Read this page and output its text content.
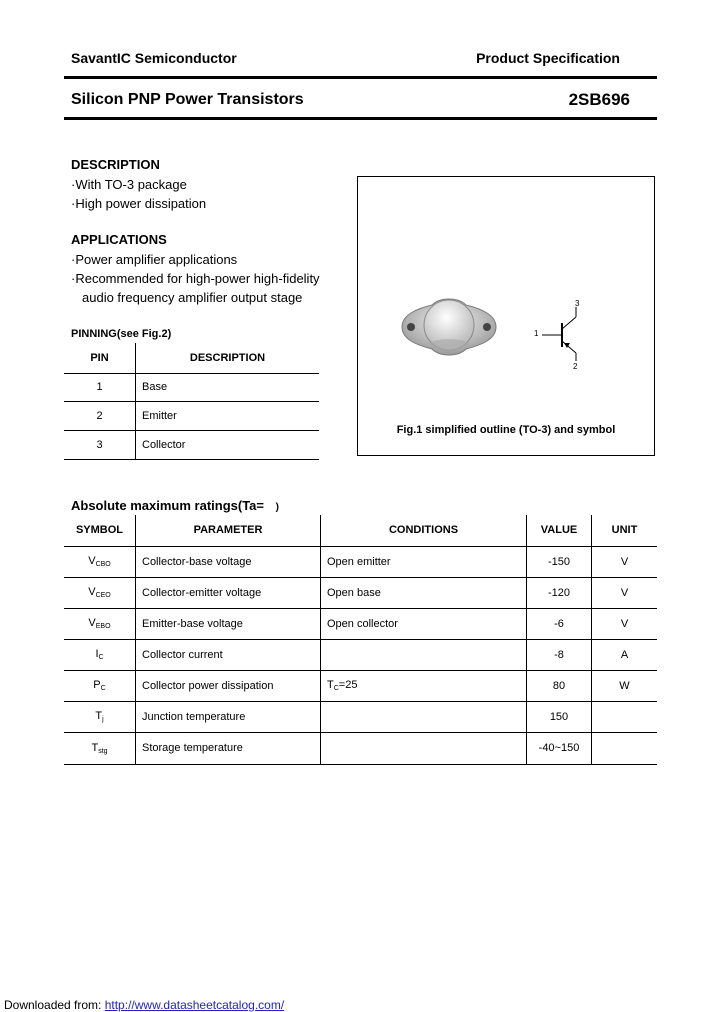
SavantIC Semiconductor	Product Specification
Silicon PNP Power Transistors	2SB696
DESCRIPTION
·With TO-3 package
·High power dissipation
APPLICATIONS
·Power amplifier applications
·Recommended for high-power high-fidelity
audio frequency amplifier output stage
PINNING(see Fig.2)
PIN	DESCRIPTION
1	Base
2	Emitter
3	Collector
1
2
3
Fig.1 simplified outline (TO-3) and symbol
Absolute maximum ratings(Ta= )
SYMBOL	PARAMETER	CONDITIONS	VALUE	UNIT
$V_{CBO}$	Collector-base voltage	Open emitter	-150	V
$V_{CEO}$	Collector-emitter voltage	Open base	-120	V
$V_{EBO}$	Emitter-base voltage	Open collector	-6	V
$I_C$	Collector current		-8	A
$P_C$	Collector power dissipation	$T_C=25$	80	W
$T_j$	Junction temperature		150	
$T_{stg}$	Storage temperature		-40~150	
Downloaded from: http://www.datasheetcatalog.com/
